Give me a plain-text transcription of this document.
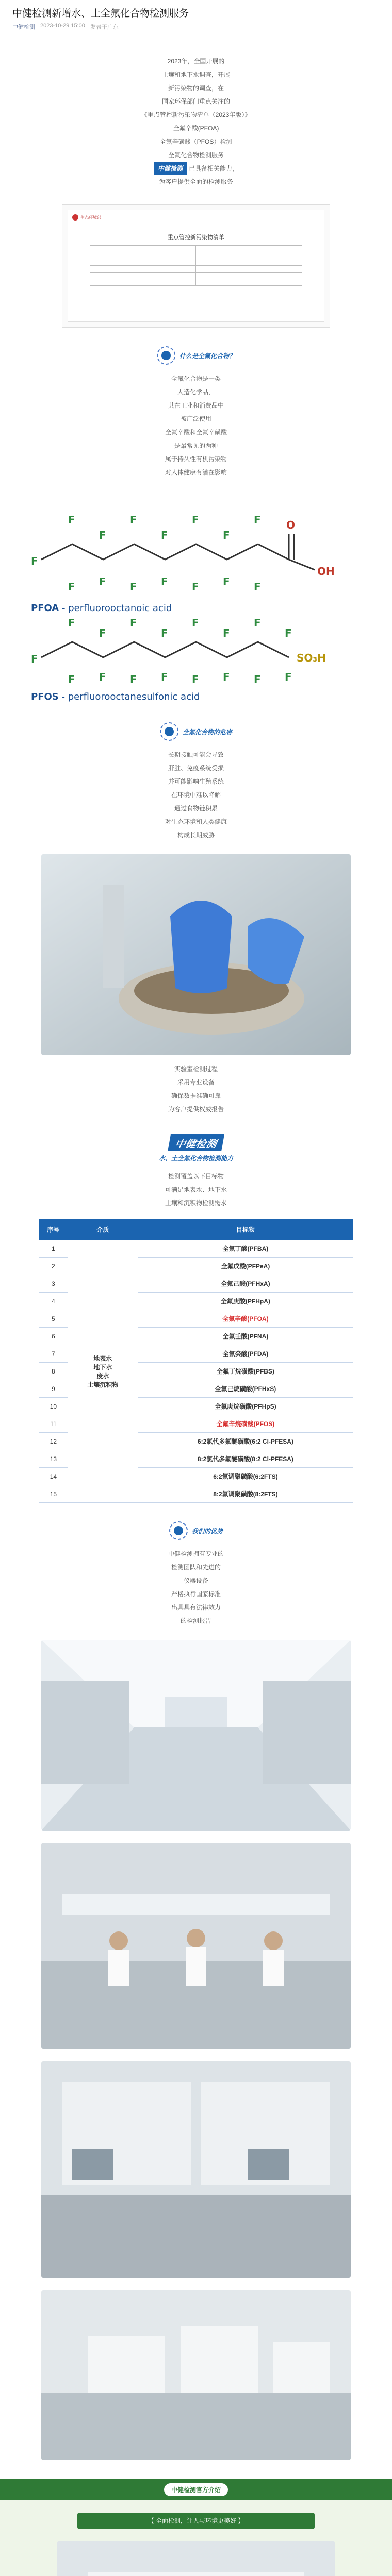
中健检测新增水、土全氟化合物检测服务
中健检测 2023-10-29 15:00 发表于广东
2023年，全国开展的
土壤和地下水调查，开展
新污染物的调查，在
国家环保部门重点关注的
《重点管控新污染物清单（2023年版）》
全氟辛酸(PFOA)
全氟辛磺酸（PFOS）检测
全氟化合物检测服务
中健检测 已具备相关能力，
为客户提供全面的检测服务
生态环境部
重点管控新污染物清单

什么是全氟化合物？
全氟化合物是一类
人造化学品，
其在工业和消费品中
被广泛使用
全氟辛酸和全氟辛磺酸
是最常见的两种
属于持久性有机污染物
对人体健康有潜在影响
F
F
F
F
F
F
F
F
F
F
F
F
F
F
F
O
OH
PFOA - perfluorooctanoic acid
F
F
F
F
F
F
F
F
F
F
F
F
F
F
F
F
F
SO₃H
PFOS - perfluorooctanesulfonic acid
全氟化合物的危害
长期接触可能会导致
肝脏、免疫系统受损
并可能影响生殖系统
在环境中难以降解
通过食物链积累
对生态环境和人类健康
构成长期威胁
实验室检测过程
采用专业设备
确保数据准确可靠
为客户提供权威报告
中健检测
水、土全氟化合物检测能力
检测覆盖以下目标物
可满足地表水、地下水
土壤和沉积物检测需求
序号	介质	目标物
1	地表水
地下水
废水
土壤沉积物	全氟丁酸(PFBA)
2		全氟戊酸(PFPeA)
3		全氟己酸(PFHxA)
4		全氟庚酸(PFHpA)
5		全氟辛酸(PFOA)
6		全氟壬酸(PFNA)
7		全氟癸酸(PFDA)
8		全氟丁烷磺酸(PFBS)
9		全氟己烷磺酸(PFHxS)
10		全氟庚烷磺酸(PFHpS)
11		全氟辛烷磺酸(PFOS)
12		6:2氯代多氟醚磺酸(6:2 Cl-PFESA)
13		8:2氯代多氟醚磺酸(8:2 Cl-PFESA)
14		6:2氟调聚磺酸(6:2FTS)
15		8:2氟调聚磺酸(8:2FTS)
我们的优势
中健检测拥有专业的
检测团队和先进的
仪器设备
严格执行国家标准
出具具有法律效力
的检测报告
中健检测官方介绍
【 全面检测，让人与环境更美好 】
